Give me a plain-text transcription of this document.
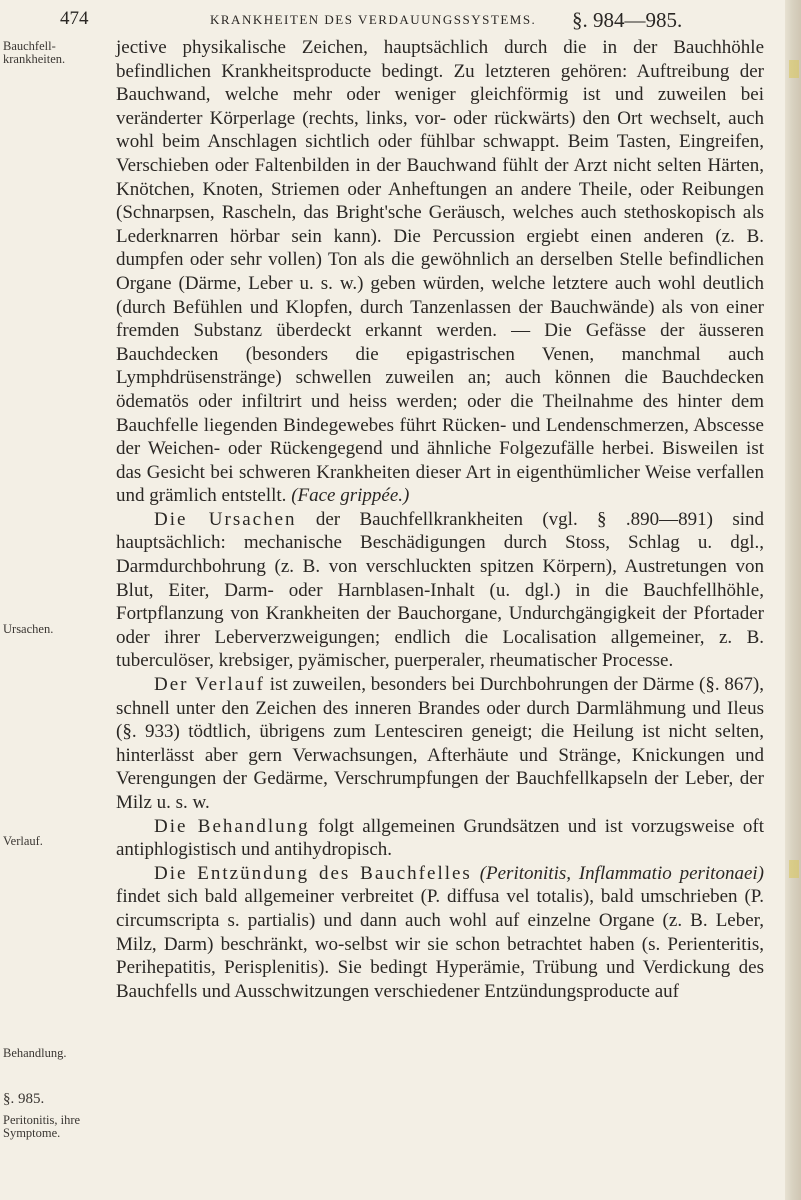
474	KRANKHEITEN DES VERDAUUNGSSYSTEMS. §. 984—985.
Bauchfell-krankheiten.
Ursachen.
Verlauf.
Behandlung.
§. 985.
Peritonitis, ihre Symptome.

jective physikalische Zeichen, hauptsächlich durch die in der Bauchhöhle befindlichen Krankheitsproducte bedingt. Zu letzteren gehören: Auftreibung der Bauchwand, welche mehr oder weniger gleichförmig ist und zuweilen bei veränderter Körperlage (rechts, links, vor- oder rückwärts) den Ort wechselt, auch wohl beim Anschlagen sichtlich oder fühlbar schwappt. Beim Tasten, Eingreifen, Verschieben oder Faltenbilden in der Bauchwand fühlt der Arzt nicht selten Härten, Knötchen, Knoten, Striemen oder Anheftungen an andere Theile, oder Reibungen (Schnarpsen, Rascheln, das Bright'sche Geräusch, welches auch stethoskopisch als Lederknarren hörbar sein kann). Die Percussion ergiebt einen anderen (z. B. dumpfen oder sehr vollen) Ton als die gewöhnlich an derselben Stelle befindlichen Organe (Därme, Leber u. s. w.) geben würden, welche letztere auch wohl deutlich (durch Befühlen und Klopfen, durch Tanzenlassen der Bauchwände) als von einer fremden Substanz überdeckt erkannt werden. — Die Gefässe der äusseren Bauchdecken (besonders die epigastrischen Venen, manchmal auch Lymphdrüsenstränge) schwellen zuweilen an; auch können die Bauchdecken ödematös oder infiltrirt und heiss werden; oder die Theilnahme des hinter dem Bauchfelle liegenden Bindegewebes führt Rücken- und Lendenschmerzen, Abscesse der Weichen- oder Rückengegend und ähnliche Folgezufälle herbei. Bisweilen ist das Gesicht bei schweren Krankheiten dieser Art in eigenthümlicher Weise verfallen und grämlich entstellt. (Face grippée.)

Die Ursachen der Bauchfellkrankheiten (vgl. § .890—891) sind hauptsächlich: mechanische Beschädigungen durch Stoss, Schlag u. dgl., Darmdurchbohrung (z. B. von verschluckten spitzen Körpern), Austretungen von Blut, Eiter, Darm- oder Harnblasen-Inhalt (u. dgl.) in die Bauchfellhöhle, Fortpflanzung von Krankheiten der Bauchorgane, Undurchgängigkeit der Pfortader oder ihrer Leberverzweigungen; endlich die Localisation allgemeiner, z. B. tuberculöser, krebsiger, pyämischer, puerperaler, rheumatischer Processe.

Der Verlauf ist zuweilen, besonders bei Durchbohrungen der Därme (§. 867), schnell unter den Zeichen des inneren Brandes oder durch Darmlähmung und Ileus (§. 933) tödtlich, übrigens zum Lentesciren geneigt; die Heilung ist nicht selten, hinterlässt aber gern Verwachsungen, Afterhäute und Stränge, Knickungen und Verengungen der Gedärme, Verschrumpfungen der Bauchfellkapseln der Leber, der Milz u. s. w.

Die Behandlung folgt allgemeinen Grundsätzen und ist vorzugsweise oft antiphlogistisch und antihydropisch.

Die Entzündung des Bauchfelles (Peritonitis, Inflammatio peritonaei) findet sich bald allgemeiner verbreitet (P. diffusa vel totalis), bald umschrieben (P. circumscripta s. partialis) und dann auch wohl auf einzelne Organe (z. B. Leber, Milz, Darm) beschränkt, wo-selbst wir sie schon betrachtet haben (s. Perienteritis, Perihepatitis, Perisplenitis). Sie bedingt Hyperämie, Trübung und Verdickung des Bauchfells und Ausschwitzungen verschiedener Entzündungsproducte auf
